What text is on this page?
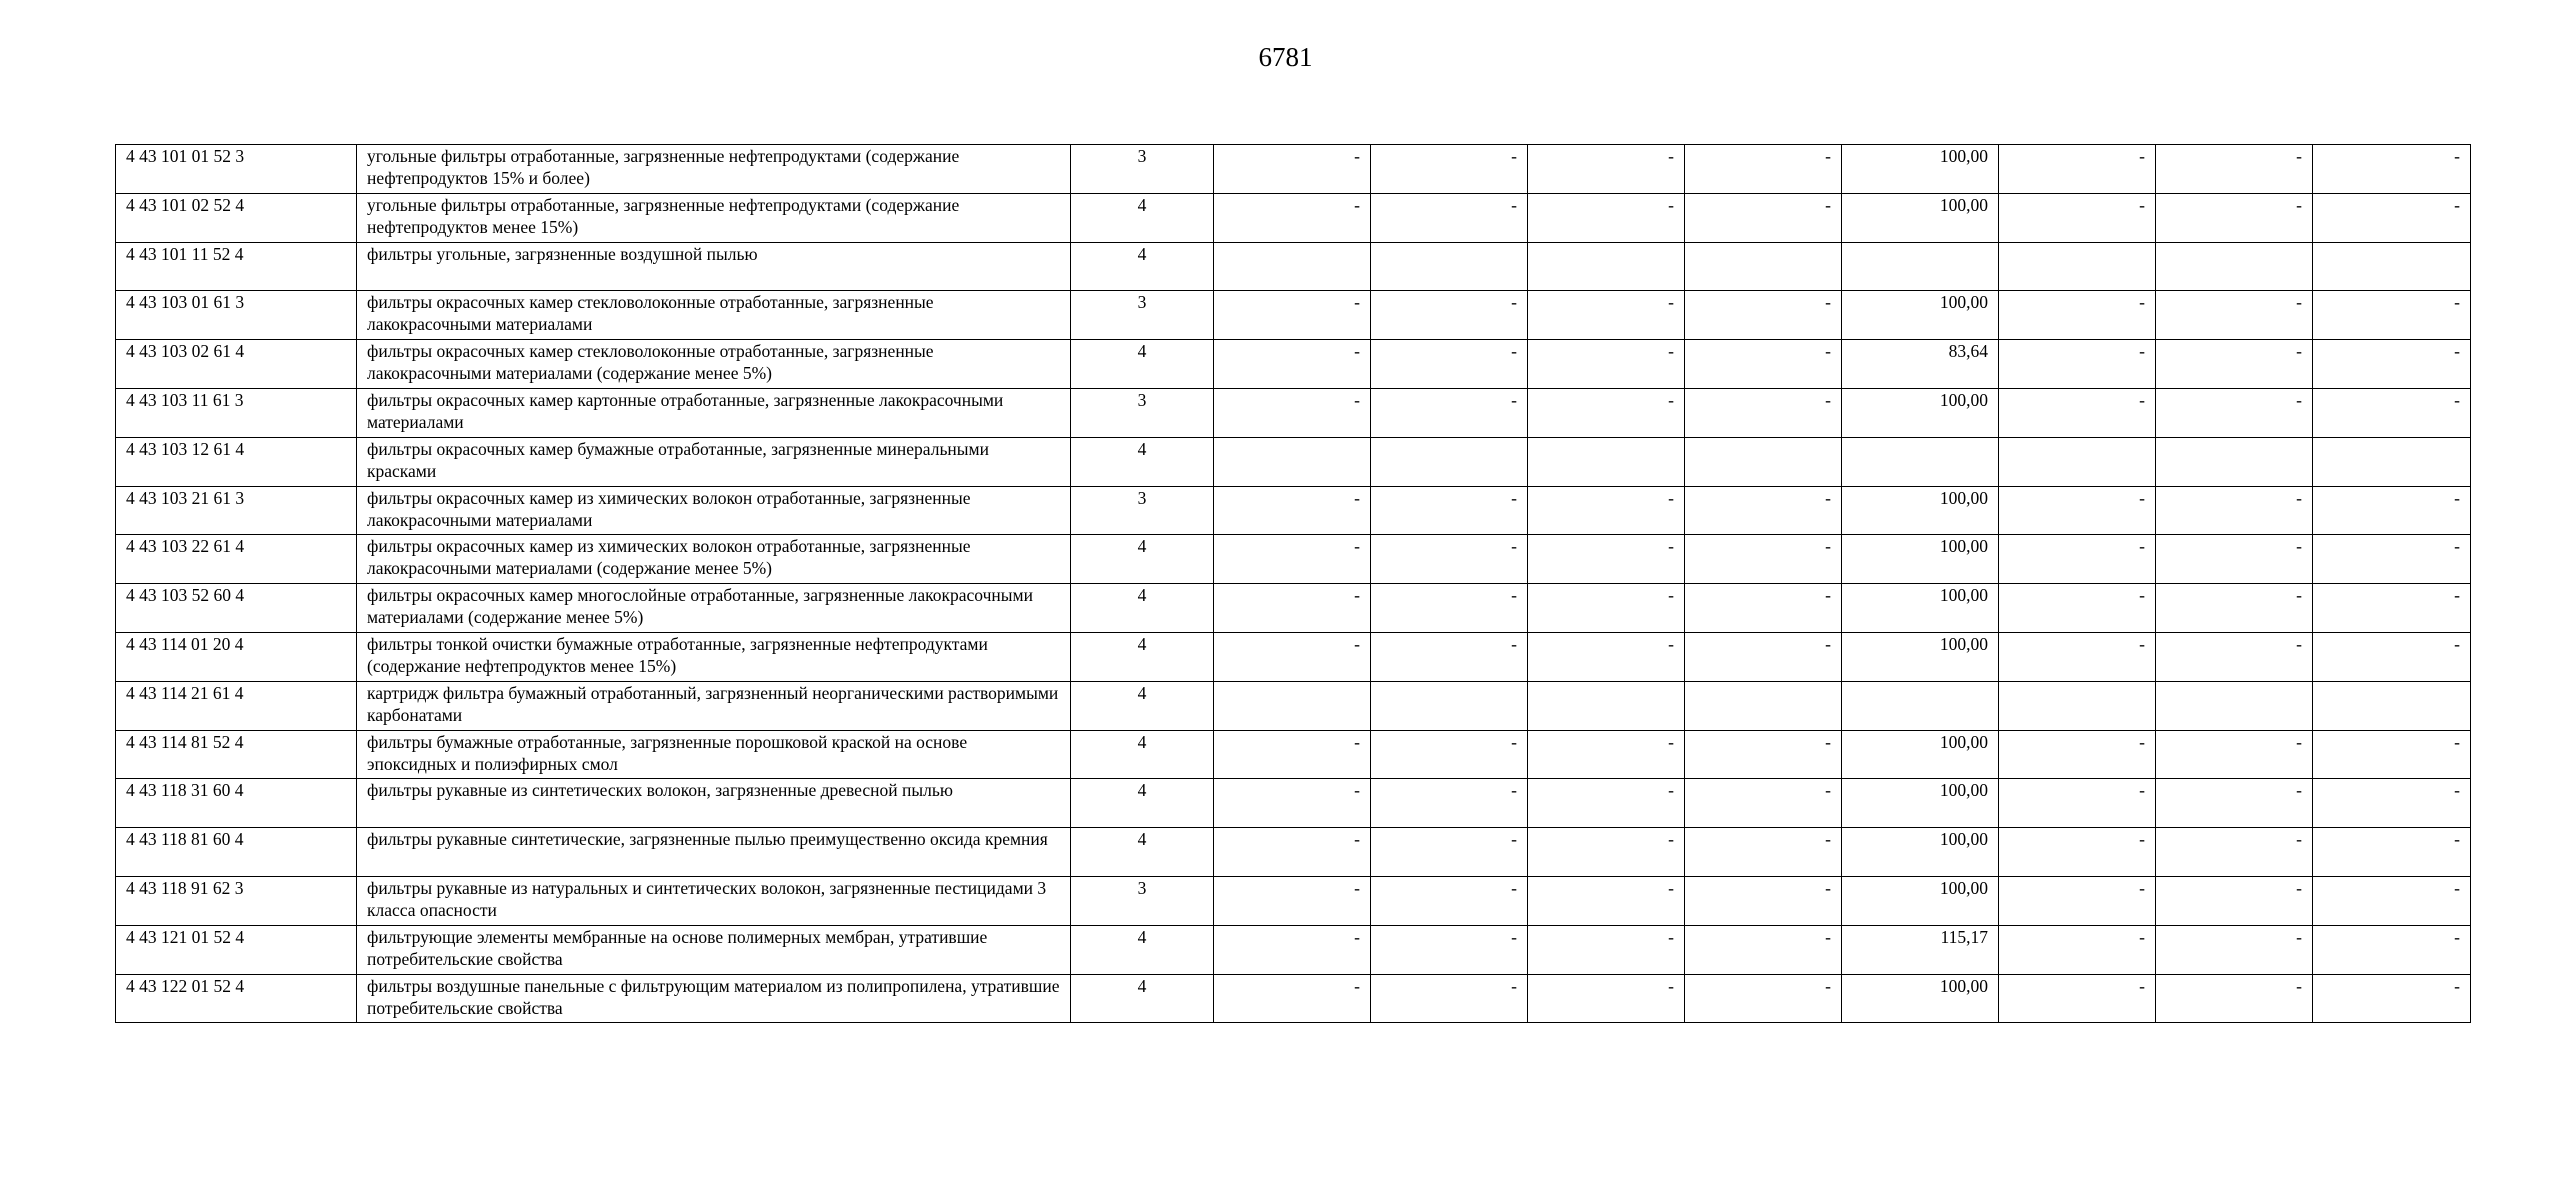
6781
4 43 101 01 52 3	угольные фильтры отработанные, загрязненные нефтепродуктами (содержание нефтепродуктов 15% и более)	3	-	-	-	-	100,00	-	-	-
4 43 101 02 52 4	угольные фильтры отработанные, загрязненные нефтепродуктами (содержание нефтепродуктов менее 15%)	4	-	-	-	-	100,00	-	-	-
4 43 101 11 52 4	фильтры угольные, загрязненные воздушной пылью	4								
4 43 103 01 61 3	фильтры окрасочных камер стекловолоконные отработанные, загрязненные лакокрасочными материалами	3	-	-	-	-	100,00	-	-	-
4 43 103 02 61 4	фильтры окрасочных камер стекловолоконные отработанные, загрязненные лакокрасочными материалами (содержание менее 5%)	4	-	-	-	-	83,64	-	-	-
4 43 103 11 61 3	фильтры окрасочных камер картонные отработанные, загрязненные лакокрасочными материалами	3	-	-	-	-	100,00	-	-	-
4 43 103 12 61 4	фильтры окрасочных камер бумажные отработанные, загрязненные минеральными красками	4								
4 43 103 21 61 3	фильтры окрасочных камер из химических волокон отработанные, загрязненные лакокрасочными материалами	3	-	-	-	-	100,00	-	-	-
4 43 103 22 61 4	фильтры окрасочных камер из химических волокон отработанные, загрязненные лакокрасочными материалами (содержание менее 5%)	4	-	-	-	-	100,00	-	-	-
4 43 103 52 60 4	фильтры окрасочных камер многослойные отработанные, загрязненные лакокрасочными материалами (содержание менее 5%)	4	-	-	-	-	100,00	-	-	-
4 43 114 01 20 4	фильтры тонкой очистки бумажные отработанные, загрязненные нефтепродуктами (содержание нефтепродуктов менее 15%)	4	-	-	-	-	100,00	-	-	-
4 43 114 21 61 4	картридж фильтра бумажный отработанный, загрязненный неорганическими растворимыми карбонатами	4								
4 43 114 81 52 4	фильтры бумажные отработанные, загрязненные порошковой краской на основе эпоксидных и полиэфирных смол	4	-	-	-	-	100,00	-	-	-
4 43 118 31 60 4	фильтры рукавные из синтетических волокон, загрязненные древесной пылью	4	-	-	-	-	100,00	-	-	-
4 43 118 81 60 4	фильтры рукавные синтетические, загрязненные пылью преимущественно оксида кремния	4	-	-	-	-	100,00	-	-	-
4 43 118 91 62 3	фильтры рукавные из натуральных и синтетических волокон, загрязненные пестицидами 3 класса опасности	3	-	-	-	-	100,00	-	-	-
4 43 121 01 52 4	фильтрующие элементы мембранные на основе полимерных мембран, утратившие потребительские свойства	4	-	-	-	-	115,17	-	-	-
4 43 122 01 52 4	фильтры воздушные панельные с фильтрующим материалом из полипропилена, утратившие потребительские свойства	4	-	-	-	-	100,00	-	-	-
